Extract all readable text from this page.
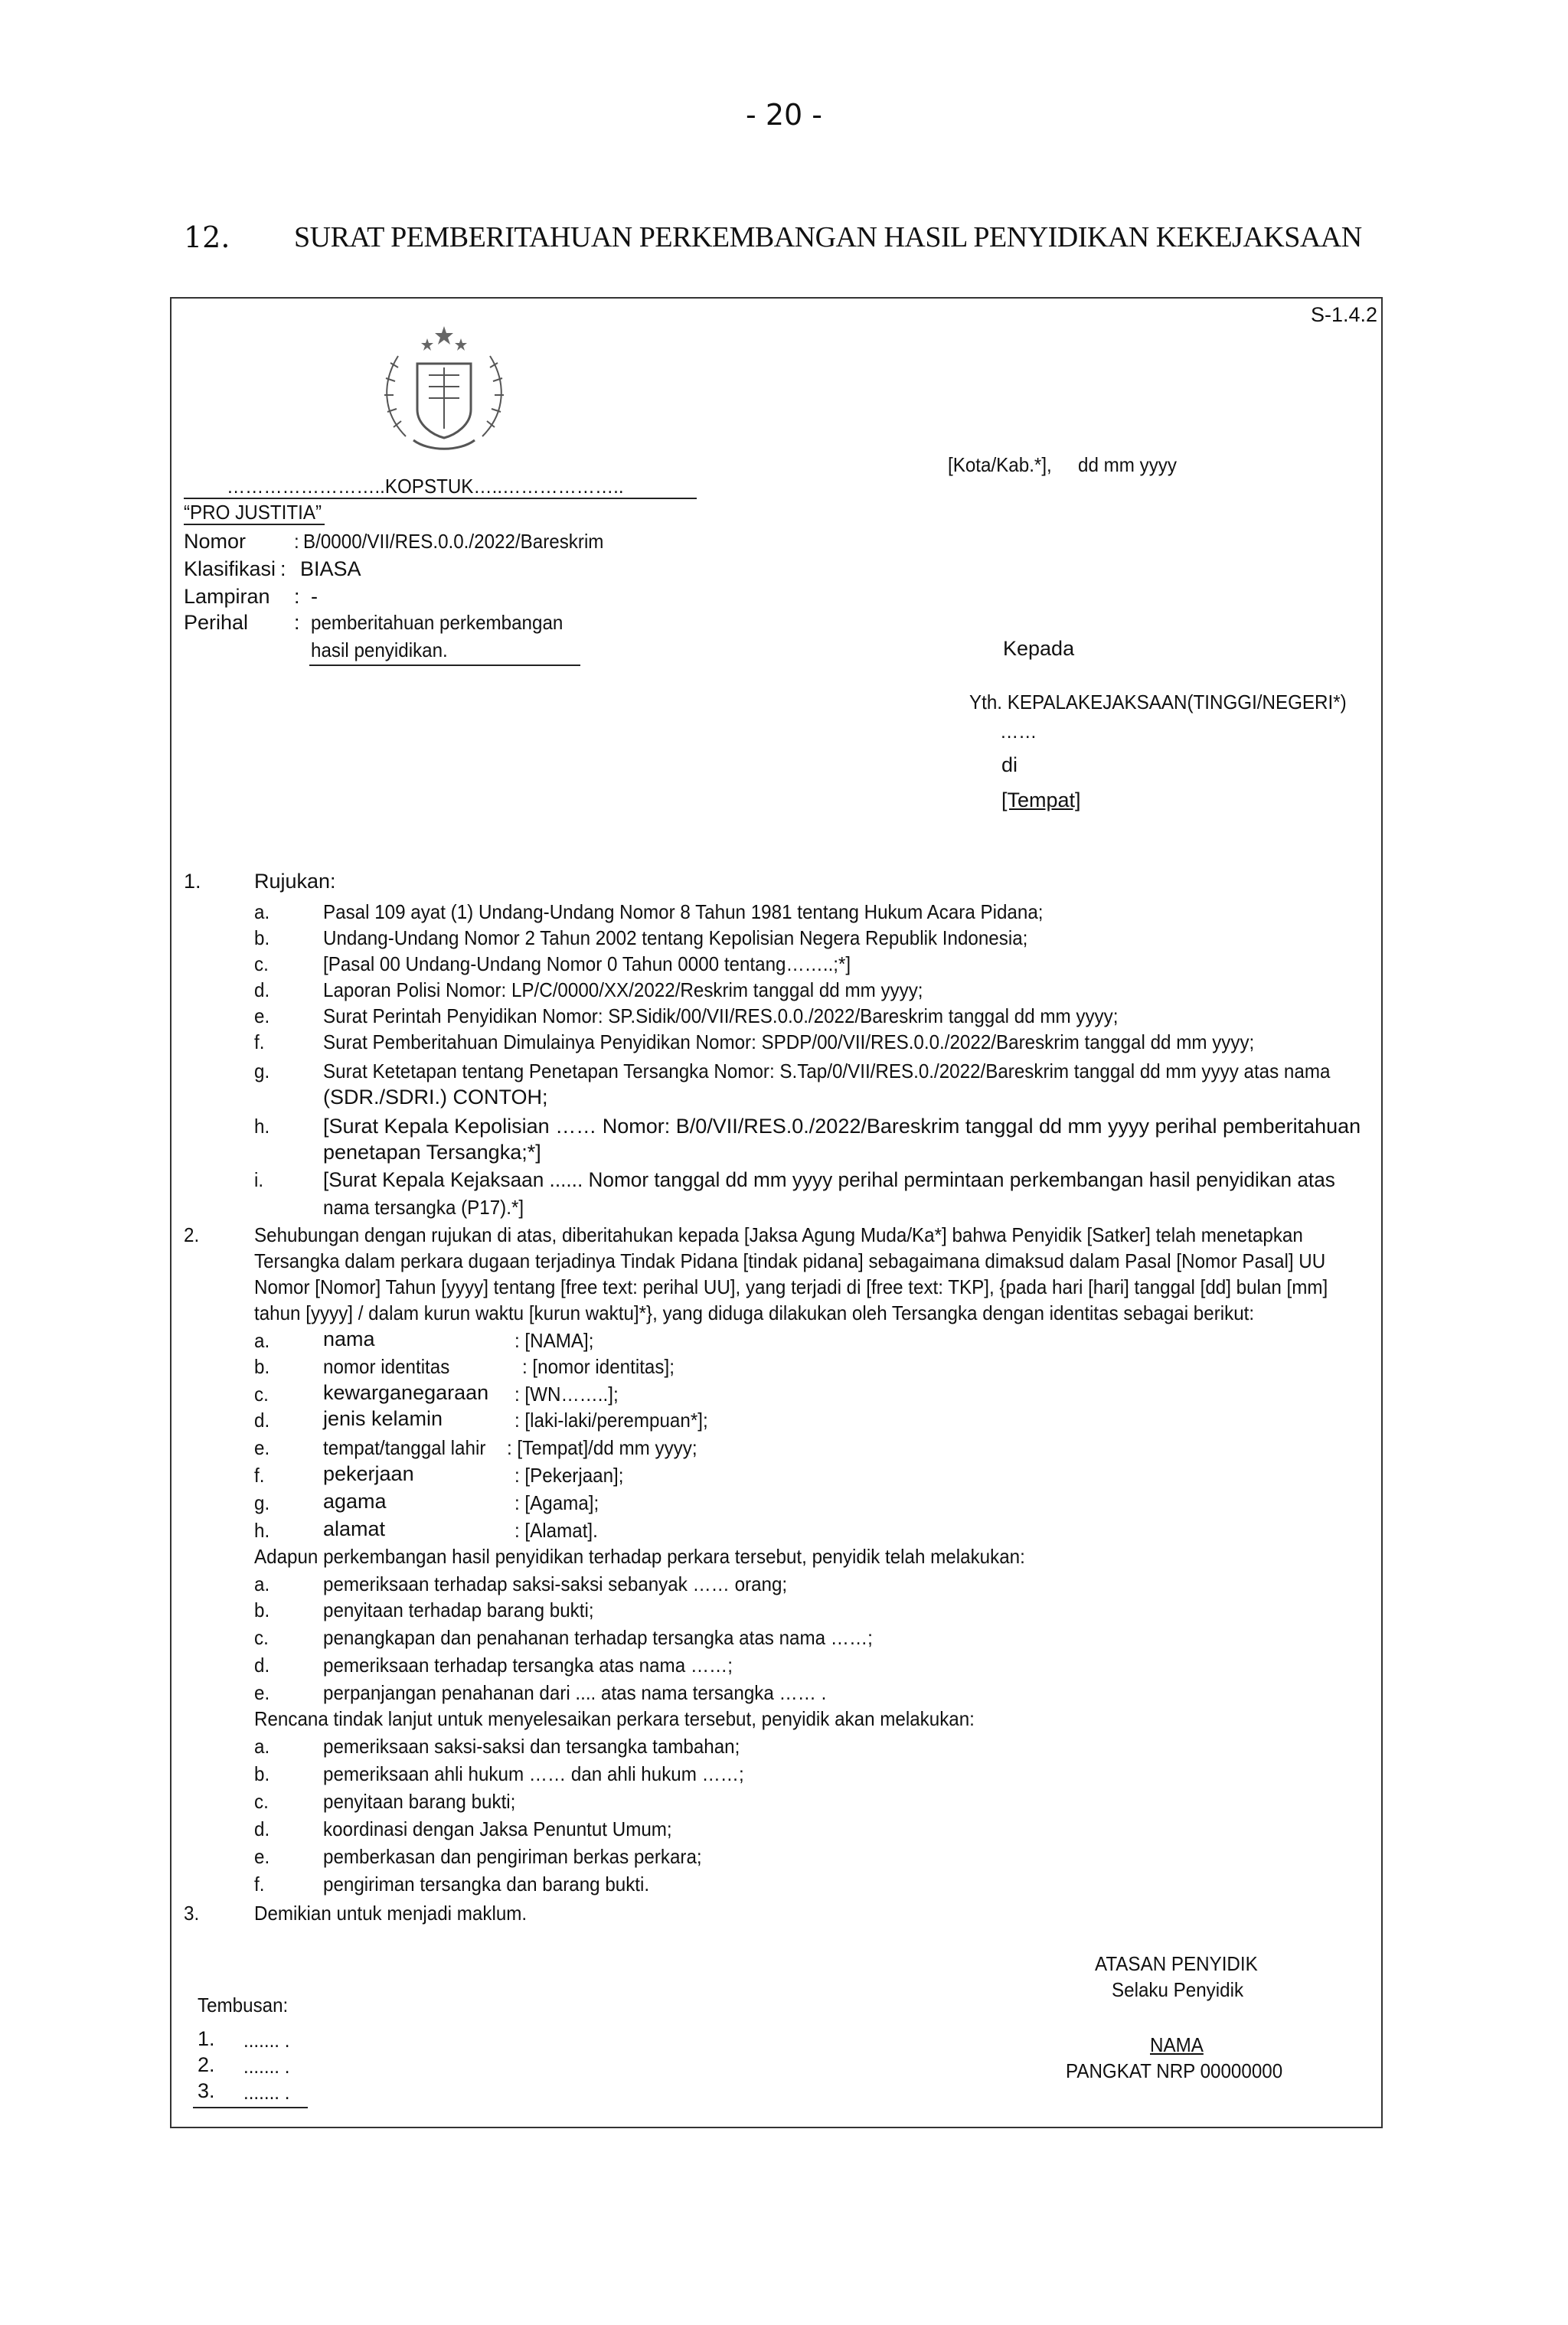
- 20 -
12. SURAT PEMBERITAHUAN PERKEMBANGAN HASIL PENYIDIKAN KEKEJAKSAAN
S-1.4.2
……………………..KOPSTUK…..………………..
“PRO JUSTITIA”
Nomor : B/0000/VII/RES.0.0./2022/Bareskrim
Klasifikasi : BIASA
Lampiran : -
Perihal : pemberitahuan perkembangan
hasil penyidikan.
[Kota/Kab.*], dd mm yyyy
Kepada
Yth. KEPALAKEJAKSAAN(TINGGI/NEGERI*)
……
di
[Tempat]
1.	Rujukan:
a.	Pasal 109 ayat (1) Undang-Undang Nomor 8 Tahun 1981 tentang Hukum Acara Pidana;
b.	Undang-Undang Nomor 2 Tahun 2002 tentang Kepolisian Negera Republik Indonesia;
c.	[Pasal 00 Undang-Undang Nomor 0 Tahun 0000 tentang……..;*]
d.	Laporan Polisi Nomor: LP/C/0000/XX/2022/Reskrim tanggal dd mm yyyy;
e.	Surat Perintah Penyidikan Nomor: SP.Sidik/00/VII/RES.0.0./2022/Bareskrim tanggal dd mm yyyy;
f.	Surat Pemberitahuan Dimulainya Penyidikan Nomor: SPDP/00/VII/RES.0.0./2022/Bareskrim tanggal dd mm yyyy;
g.	Surat Ketetapan tentang Penetapan Tersangka Nomor: S.Tap/0/VII/RES.0./2022/Bareskrim tanggal dd mm yyyy atas nama
(SDR./SDRI.) CONTOH;
h.	[Surat Kepala Kepolisian …… Nomor: B/0/VII/RES.0./2022/Bareskrim tanggal dd mm yyyy perihal pemberitahuan
penetapan Tersangka;*]
i.	[Surat Kepala Kejaksaan ...... Nomor tanggal dd mm yyyy perihal permintaan perkembangan hasil penyidikan atas
nama tersangka (P17).*]
2.	Sehubungan dengan rujukan di atas, diberitahukan kepada [Jaksa Agung Muda/Ka*] bahwa Penyidik [Satker] telah menetapkan
Tersangka dalam perkara dugaan terjadinya Tindak Pidana [tindak pidana] sebagaimana dimaksud dalam Pasal [Nomor Pasal] UU
Nomor [Nomor] Tahun [yyyy] tentang [free text: perihal UU], yang terjadi di [free text: TKP], {pada hari [hari] tanggal [dd] bulan [mm]
tahun [yyyy] / dalam kurun waktu [kurun waktu]*}, yang diduga dilakukan oleh Tersangka dengan identitas sebagai berikut:
a.	nama	: [NAMA];
b.	nomor identitas	: [nomor identitas];
c.	kewarganegaraan : [WN……..];
d.	jenis kelamin	: [laki-laki/perempuan*];
e.	tempat/tanggal lahir : [Tempat]/dd mm yyyy;
f.	pekerjaan	: [Pekerjaan];
g.	agama	: [Agama];
h.	alamat	: [Alamat].
Adapun perkembangan hasil penyidikan terhadap perkara tersebut, penyidik telah melakukan:
a.	pemeriksaan terhadap saksi-saksi sebanyak …… orang;
b.	penyitaan terhadap barang bukti;
c.	penangkapan dan penahanan terhadap tersangka atas nama ……;
d.	pemeriksaan terhadap tersangka atas nama ……;
e.	perpanjangan penahanan dari .... atas nama tersangka …… .
Rencana tindak lanjut untuk menyelesaikan perkara tersebut, penyidik akan melakukan:
a.	pemeriksaan saksi-saksi dan tersangka tambahan;
b.	pemeriksaan ahli hukum …… dan ahli hukum ……;
c.	penyitaan barang bukti;
d.	koordinasi dengan Jaksa Penuntut Umum;
e.	pemberkasan dan pengiriman berkas perkara;
f.	pengiriman tersangka dan barang bukti.
3.	Demikian untuk menjadi maklum.
ATASAN PENYIDIK
Selaku Penyidik
NAMA
PANGKAT NRP 00000000
Tembusan:
1. ....... .
2. ....... .
3. ....... .
